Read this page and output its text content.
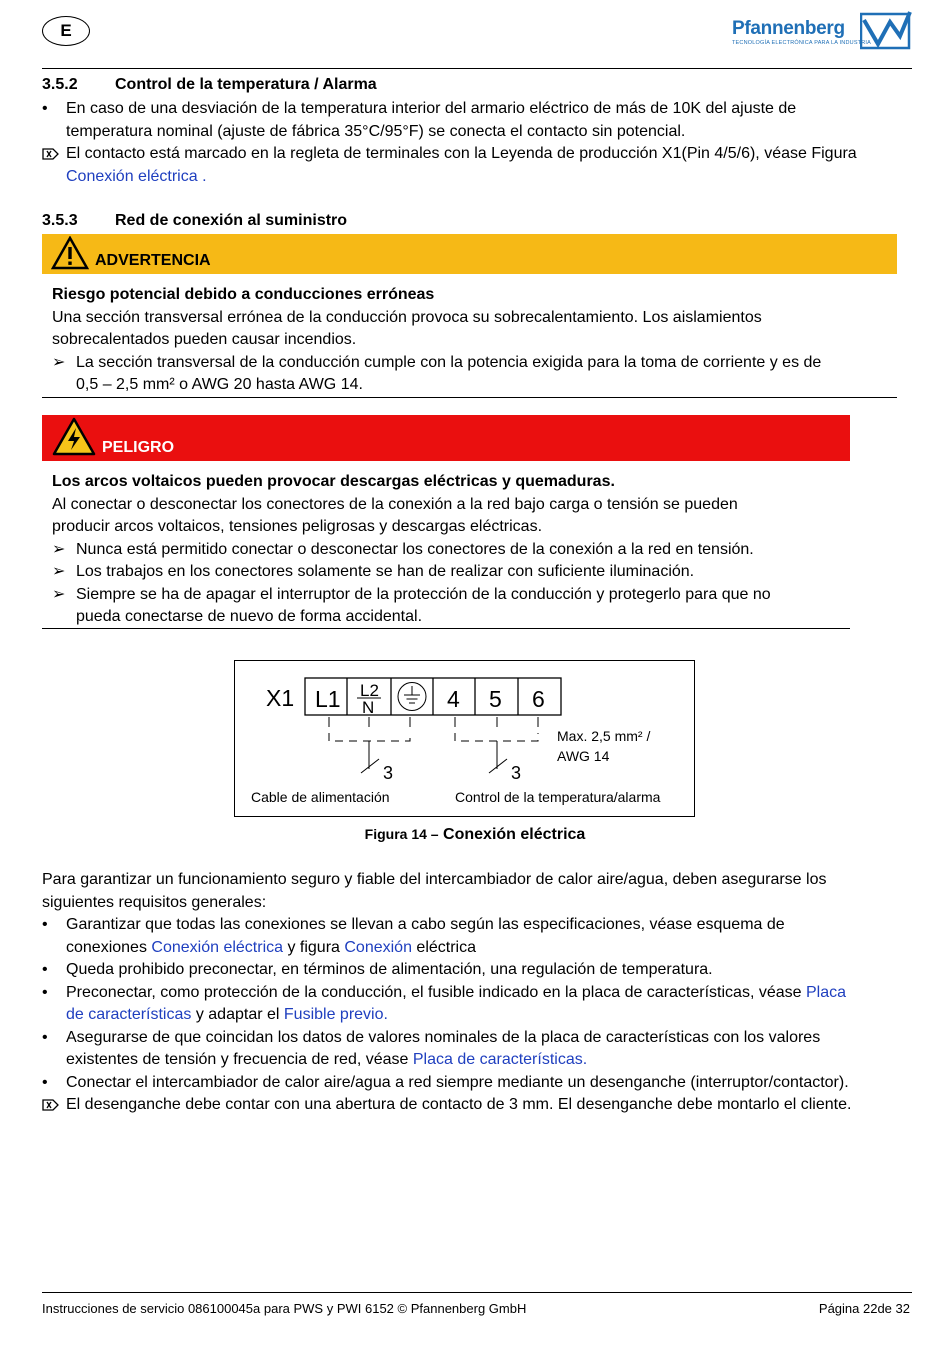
E	Pfannenberg
TECNOLOGÍA ELECTRÓNICA PARA LA INDUSTRIA
3.5.2 Control de la temperatura / Alarma
• En caso de una desviación de la temperatura interior del armario eléctrico de más de 10K del ajuste de
temperatura nominal (ajuste de fábrica 35°C/95°F) se conecta el contacto sin potencial.
El contacto está marcado en la regleta de terminales con la Leyenda de producción X1(Pin 4/5/6), véase Figura
Conexión eléctrica .
3.5.3 Red de conexión al suministro
ADVERTENCIA
Riesgo potencial debido a conducciones erróneas
Una sección transversal errónea de la conducción provoca su sobrecalentamiento. Los aislamientos
sobrecalentados pueden causar incendios.
➢ La sección transversal de la conducción cumple con la potencia exigida para la toma de corriente y es de
0,5 – 2,5 mm² o AWG 20 hasta AWG 14.
PELIGRO
Los arcos voltaicos pueden provocar descargas eléctricas y quemaduras.
Al conectar o desconectar los conectores de la conexión a la red bajo carga o tensión se pueden
producir arcos voltaicos, tensiones peligrosas y descargas eléctricas.
➢ Nunca está permitido conectar o desconectar los conectores de la conexión a la red en tensión.
➢ Los trabajos en los conectores solamente se han de realizar con suficiente iluminación.
➢ Siempre se ha de apagar el interruptor de la protección de la conducción y protegerlo para que no
pueda conectarse de nuevo de forma accidental.
X1 L1 L2
N	4 5 6
3	3
Max. 2,5 mm² /
AWG 14
Cable de alimentación	Control de la temperatura/alarma
Figura 14 – Conexión eléctrica
Para garantizar un funcionamiento seguro y fiable del intercambiador de calor aire/agua, deben asegurarse los
siguientes requisitos generales:
• Garantizar que todas las conexiones se llevan a cabo según las especificaciones, véase esquema de
conexiones Conexión eléctrica y figura Conexión eléctrica
• Queda prohibido preconectar, en términos de alimentación, una regulación de temperatura.
• Preconectar, como protección de la conducción, el fusible indicado en la placa de características, véase Placa
de características y adaptar el Fusible previo.
• Asegurarse de que coincidan los datos de valores nominales de la placa de características con los valores
existentes de tensión y frecuencia de red, véase Placa de características.
• Conectar el intercambiador de calor aire/agua a red siempre mediante un desenganche (interruptor/contactor).
El desenganche debe contar con una abertura de contacto de 3 mm. El desenganche debe montarlo el cliente.
Instrucciones de servicio 086100045a para PWS y PWI 6152 © Pfannenberg GmbH	Página 22de 32
